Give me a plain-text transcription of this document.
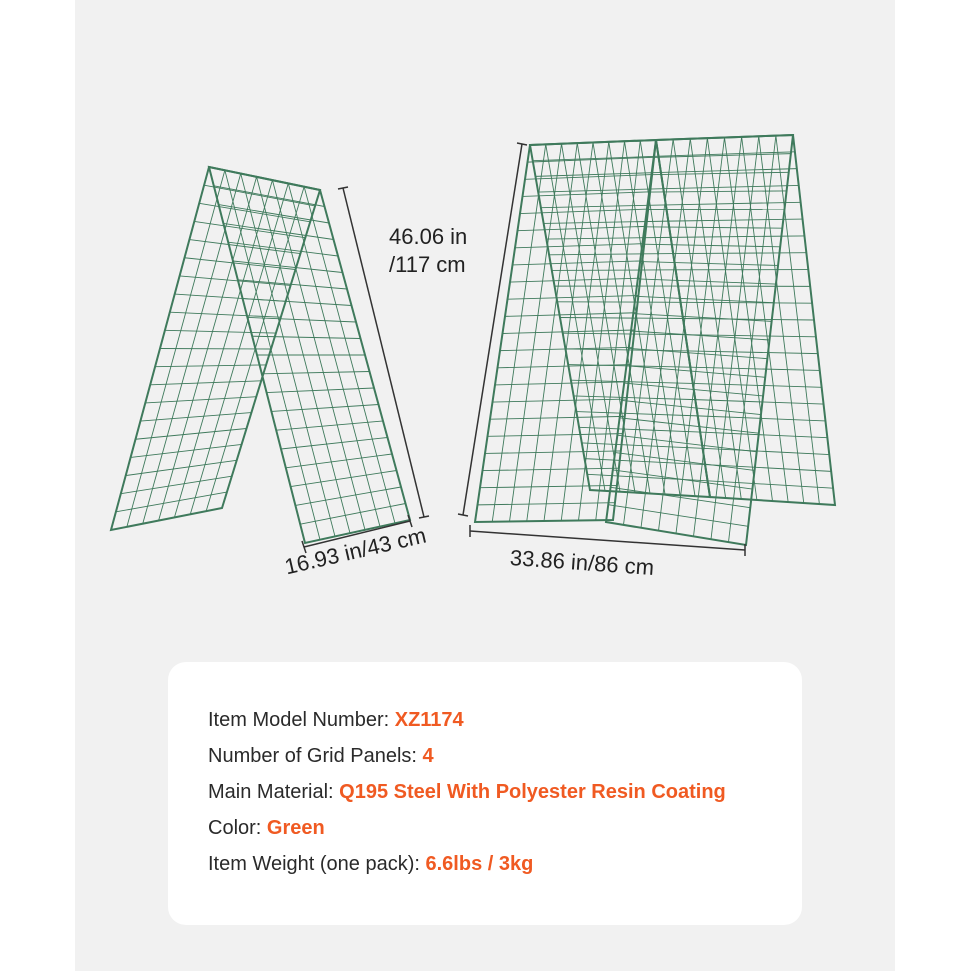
46.06 in
/117 cm
16.93 in/43 cm	33.86 in/86 cm
Item Model Number: XZ1174
Number of Grid Panels: 4
Main Material: Q195 Steel With Polyester Resin Coating
Color: Green
Item Weight (one pack): 6.6lbs / 3kg
